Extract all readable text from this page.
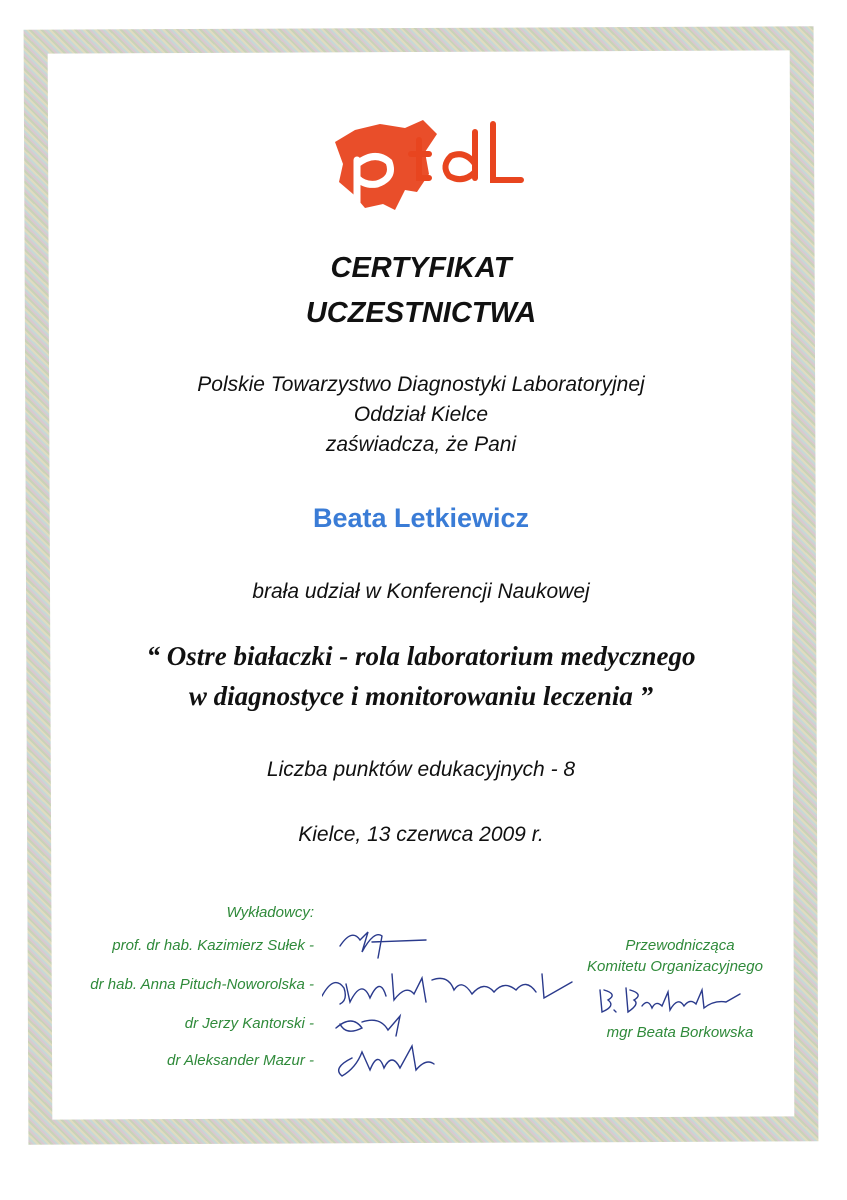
CERTYFIKAT
UCZESTNICTWA
Polskie Towarzystwo Diagnostyki Laboratoryjnej
Oddział Kielce
zaświadcza, że Pani
Beata Letkiewicz
brała udział w Konferencji Naukowej
“ Ostre białaczki - rola laboratorium medycznego
w diagnostyce i monitorowaniu leczenia ”
Liczba punktów edukacyjnych - 8
Kielce, 13 czerwca 2009 r.
Wykładowcy:
prof. dr hab. Kazimierz Sułek -
dr hab. Anna Pituch-Noworolska -
dr Jerzy Kantorski -
dr Aleksander Mazur -
Przewodnicząca
Komitetu Organizacyjnego
mgr Beata Borkowska
